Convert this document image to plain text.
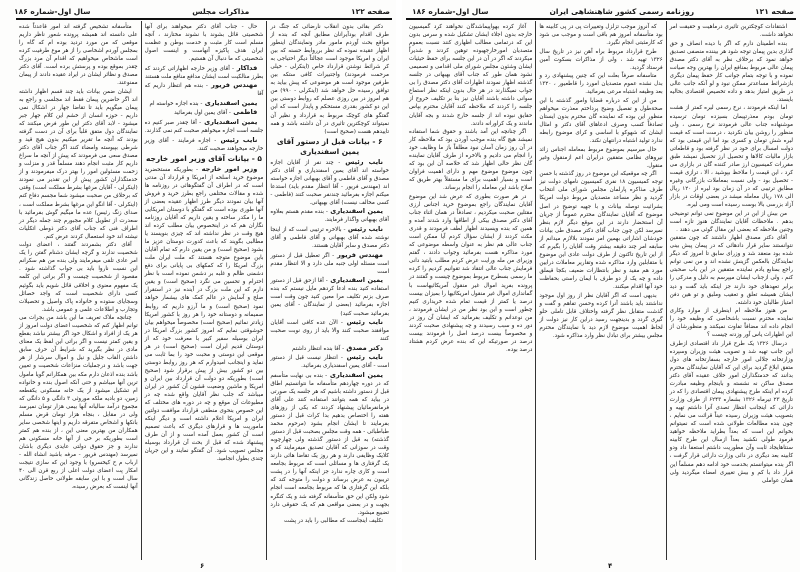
صفحه ۱۲۲
مذاکرات مجلس
سال اول-شماره ۱۸۶

دکتر بقائی بدون انقلاب نارضائی که جنگ در طرف اقدام بودآیرانان مطابق آنچه که بنده از مواقع بحث آوردم مامور مادر ونمایندگان اینطور اظهار عقیده نموده که نظر برروابط حسنه که بین ایران و امریکا موجود است عجالتاً دیگر احتیاجی به کر شرائط نوشتن قرارداد خاص (اینکرلی - خیلی مرحمت فرمودند) واجتبیرات کافی ستکه بین طرفین موجود است هر موضوعی که پیش بیاید به توافق رسیده حل خواهد شد (اینکرلی - ۹۹۰) من هم امروز در بین روزی عصلم که روابط دوستی بین این دو کشور بقدری مستحکم و پایدار است که این گفتگو های کوچک مربوط به قرارداد و نظیر آن نمیتواند کوچکترین تاثیری در آن داشته باشد و همه تاییدهم هست (صحیح است)

۶ - بیانات قبل از دستور آقای یمین اسفندیاری

نایب رئیس - چند نفر از آقایان اجازه خواسته اند آقای یمین اسفندیاری و آقای دکتر مصدق و آقای فاطمی و آقای بهبهانی اجازه خواسته اند (مهندس فریور - آقا انتظار مقدم باید) استدعا میکنم اجازه بفرمائید چندنفر صحبت کنند (فاطمی - کسی مخالف نیست) آقای بهبهانی.

یمین اسفندیاری - بنده مقدم هستم بعلاوه آقای بهبهانی واگذار فرمایند.

نایب رئیس - بالاخره ترتیبی است که از اینجا نوشته شده آقای بهبهانی و آقای فاطمی و آقای دکتر مصدق و سایر آقایان هستند.

مهندس فریور - اگر تعطیل قبل از دستور است مسئله اولی جنبه ملی دارد و الا انتظار مقدم است

یمین اسفندیاری - آقا ازحق قبل از دستور استفاده کنید بنده ادعا کردهم مایل نیستم که بنده صرف بزنم تکلیف مرا معین کنید چون وقت است اجازه بفرمائید (بعضی از نمایندگان - آقای یمین بفرمائید صحبت کنید)

نایب رئیس - الآن عده کافی است آقایان موافقند صحبت کنند والا باید از روی نوبت صحبت کنند

دکتر مصدق - آقا بنده انتظار داشتم

نایب رئیس - انتظار نیست قبل از دستور است - آقای یمین اسفندیاری بفرمائید.

یمین اسفندیاری - بنده بی نهایت متأسفم که در دوره چهاردهم متأسفانه ما نتوانستیم اطاق قبل از دستور داشته باشیم که هر جلسه یک صورتی در بیاید که همه بتوانند استفاده کنند علی آقای فرمانفرمائیان پیشنهاد کردند که یکی از روزهای هفته را اختصاص بدهیم بدا کرات قبل از دستور بفرمایند تا ایشان انجام بشود (مرحوم محمد طباطبائی - همه وقت مجلس بصحبت قبل از دستور گذشته) به قبل از دستور گذشته ولی چهارچوبه وقت در سوزانی که آقایان تصدیق میفرمایند که و کلایک وظایفی دارند و هر روز یک تقاضا هائی دارند یک گرفتاری ها و مسائلی است که مربوط بجامعه است و کاری چاره ندارد جز اینکه آنها را در پشت تریبون به عرض برساند و دولت را متوجه کند که بلکه این گرفتاری ها که مربوط بجامعه است انجام شود ولکن این حق متأسفانه گرفته شد و یک کنگره بجهت و در بعضی مواقعی هم که یک حقوقی دارد تضییع میشود.

تکلیف اینجاست که مطالبی را باید در پشت

حال - جناب آقای دکتر میخواهند برای آنها شخصیتی قائل بشوند با نشوند مختارند ، آنچه مسلم است کار مثبت و خدمت بوطن و عظمت ایران هدف پاکیزه آنهاست و اینست اصول شخصیتی که ما دنبال آن هستیم.

فداکار - آقای وزیر خارجه اظهاراتی کردند که بطرز منالکیت است ایشان مدافع منافع ملت هستند

مهندس فریور - بنده هم انتظار داریم که آقا

یمین اسفندیاری - بنده اجازه خواسته ام

فاطمی - آقای یمین اول بفرمائید

یمین اسفندیاری - آقا چقدر صبر کنیم ده جلسه است اجازه میخواهم صحبت کنم نمی گذارند.

نایب رئیس - اجازه فرمایند - آقای وزیر خارجه میخواهند صحبت کنند.

۵ - بیانات آقای وزیر امور خارجه

وزیر امور خارجه - بطوریکه مستحضرید موضوع خرید اسلحه از امریکا و قرارداد آن مدتی است که در اطراف آن گفتگوهائی در روزنامه ها شده و مقالات مختلفی راجع بطرز خرید و فروش آنها بیان نمودند دیگر طرز اظهار عقیده بعضی از آنها طوری بوده است که گفتگو با دوستان امریکایی ما را مکدر ساخته و یقین داریم که آقایان روزنامه نگاران هم که در اینخصوص بیان مطلب کرده اند هیچ وقت در نظر نداشته اند که چیزی بنویسند یا مطالبی بگویند که باعث کدورت دوستان عزیز ما بشود (صحیح است) و من یقین دارم که تمام آقایان باین موضوع متوجه هستند که ملت ایران ملت بزرگ امریکا را که کمکهای بی پایانی برای دفع دشمنی ظالم و غلبه بر دشمن نموده است با نظر احترام و تحسین می نگرد (صحیح است) و یقین دارم که این ملت بزرگ در آینده نیز در استقرار صلح و آسایش در عالم کمک های بیشمار خواهد نمود (صحیح است) و ما آرزو داریم که روابط صمیمانه و دوستانه خود را هر روز با کشور امریکا زیادتر نمائیم (صحیح است) مخصوصاً میخواهم بیان خوشوقتی نمایم که امروز کشور بزرگ امریکا در ایران بوسیله سفیر کبیر با معرفت خود که از دوستان قدیم ایران است (صحیح است) در هر موقعی این دوستی و محبت خود را بما ثابت می نماید و اینجانب امیدوارم که هر روز روابط دوستی بین دو کشور بیش از پیش برقرار شود (صحیح است) بطوریکه دو دولت آن قرارداد بین ایران و امریکا و ماشین وضعیت قشون آن کشور در ایران میباشد که جلب نظر آقایان واقع شده چه در مطبوعات آن موقع و چه در دوره های مختلف که این خصوص بنحوی منطقی قرارداد موافقت دولتین ایران و امریکا اعلام داشته است و دیگر اینکه ماموریت ها و قرارهای دیگری که باعث تصمیم است آن کشور بعمل آمده است و از آن طرف پیشنهاد شده که قبل از بحث آن قرارداد بوسیله مجلس تصویب شود. آن گفتگو نمایند و این جریان چندی بطول انجامید.

متأسفانه تشخیص گرفته اند امور قاعدتاً شده علی دانسته اند همیشه پرونده شعور ناظر داریم موقعی که من مورد تردید بوده ام که گاه را بمجلس آوردم اشخاصی را از هر موع طرفیت کرده است ماشخاص میخواهیم که اقدام آن مرد بزرگ چقدر بموقع بوده و پرستش برده است. آقای دکتر مصدق و نظائر ایشان در ایراد عقیده دادند از پیمان ممنوعند.

ایشان ضمن بیانات باید چند قسم اظهار داشته اند اگر حاضرین پیمان فقط اند مجلسی و راجع به پیمان میگویم باید تا تقاضا جهار در اشکال نمی داریم - حوزه انسان از خشم این کلام جهار جبر میشود - لابد آقای دکتر این طور فرض میکنند که نمایندگان دول متفق قلباً برای آن در دست گرفته بودند که آنچه ما تقریر میکنیم بدون هیچ قید و شرطی بپیوسته وامضاء کنند اگر جناب آقای دکتر مصدق سعی می فرمودند که پیش از آنچه ما سراغ داریم کار مثبت انجام دهند مسلماً قدر و منزلت و زحمت مسئولین امور را بهتر درک میفرمودند و از خدمتگذاران کشور پیش از این تقدیر می نمودند (اینکرلی - آقایان مرغها بشرط مملکت است) وقتی که برخلاف من صحبت میشود شما مجسم دفاع کنم (اینکرلی - آقا انگو این مرغها بشرط مملکت است ، صدای زنگ رئیس) عده ما میگیم گوش بفرمائید با سعدرت از تطویل کلام مجبورم چند جمله دیگر در اطراف فنی که جناب آقای دکتر ذوطی اتکلیات نیشته اند خود استعمال کردند عرض کنم.

آقای دکتر بشمردند گفتند ، اعضای دولت شخصیت ندارند و گرچه ایشان دشنام گفتن را یک امر عادی تلقی میفرمایند ولی بنده من هم سکرانم این نسبت ناروا باید بی جواب گذاشته شود . مقصود از شخصیت چیست و اگر براتی این کلمه یک مفهوم معنوی و اخلاقی قائل شویم باید بگوئیم کسی دارای شخصیت است که واجد خصائل وسجایای ستوده و خانواده پاک واصیل و تحصیلات وتجارب و اطلاعات علمی و عمومی باشد.

چنانچه ملاک تعریف ما این باشد من بجرات می توانم اظهار کنم که شخصیت اعضای دولت امروز از هر یک از افراد و اشکال خود اگر بیشتر نباشد بقطع و یقین کمتر نیست و اگر براتی این لفظ یک معنای مادی در نظر بگیرید که شرایط آن حرف سابق داشتن القاب جلیل و نیل و اموال سرشار از هر جهت باشد و درجملیات منزاعات شخصیت و تعیین باشد بنده اذعان دارم مکه بین همکارانم گویا مامول ترین آنها میباشم و حتی آنکه اصول بنده و خانواده ام تشکیل میشود از یک خانه مسکونی یکقطعه زمین، دو بادیه ملکه موروثی ۳ دانگی و ۵ دانگی که مجموع درآمد سالیانه آنها بیمی هزار تومان نمیرسد ولی در مقابل ، بنجاه هزار تومان قرض مسلم بانکها و اشخاص متفرقه داریم و اینها شخصی سایر همکاران من بهترین معنی این ، از بنده هم کمتر است بطوریکه بر خی از آنها خانه مسکونی هم ندارند و جز حقوق دولتی عایدی دیگری باشان نمیرسد (مهندس فریور - مرفه باشید انشاء الله - ارباب م ح کیخسرو) با وجود این که سازی نتیجت امکار پت اعضای دولت اعلی از ربع قرن الی ۴۰ سال است و با این سابقه طولانی حاصل زندگانی آنها اینست که بعرض رسیده.

۶
صفحه ۱۲۱
روزنامه رسمی کشور شاهنشاهی ایران
سال اول-شماره ۱۸۶

اشتقادات کوچکترین تاثیری درماهیت و حقیقت امر نخواهد داشت.

بنده اطمینان دارم که اگر با دیده انصاف و حق گذاری بدین پیمان توجه شود هر بیننده منصفی تصدیق خواهد نمود که برخلاف نظر به آقای دکتر مصدق پیمان عالی مربوط بمنافع ایران را بهترین وجه صیانت نموده و با توجه بتمام جوانب کار حفظ پیمان دیگری بازشرائط مساعدتر ممکن نبود و لو آنکه جانب عالی در طریق امتیاز بدهد و داده تخصیص اقتصادی بحالیه بایستد.

اما اینکه فرمودند ، نرخ رسمی لیره کمتر از هشت تومان بودم معذرتپیمان بسیزده تومان ترسیده موشنهاده جناب عالی فرمودند نرخ رسمی ، ولی منظور را روشن بیان نکردید ، درست است که قیمت لیره شش تومان و کسری بود اما این قیمتی بود که دولت امسال برای خود در نظر گرفته بود و قاطعاتی بازار مالیات کالاها و تحصیل ارز تحصیل نمیشد طبق مقررات کمیسیون ارز صادر کننده گان در بازاری می کرد ، این قیمت را ملاحظ بپوشید ، الا ، ترازی قیمت - تحصیل بود - ولی نسبت بمعاملات بازرگانی وغیره مطابق ترتیبی که در آن زمان بود لیره از ۱۲۰ ریال الی ۱۷۸ ریال معامله میشد در بعضی اوقات در بازار آزاد بزرسی بالا بوست رسیده است ومی لیره.

من بیش از این در این موضوع نمی توانم توضیحی بدهم . ملاحظات آقایان نمایندگان هنوز تازه است وچنین ملاحظه که بعضی این مقال گوئی می دهند .

آقای دکتر مصدق اظهار داشتند که چون متفقین نتوانستند سایر قرار دادهائی که در پیمان پیش بینی شده بود منعقد شد و وزرای سابق تا امروز که دیگر نمایندگان بالعکس گزینش نشده اند و من نمی توانم راجع بمنابع یادم نماینده متفقین در این باب صحبتی کنم ، ولی ازجناب ایشان میپرسم به دلیل و مدرکی را برابر تعهدهای خود دارند جز اینکه باید گفت و دید ایشان همیشه تعلق و تعقیب وملیق و تو هین دفن امتیاز طالبان خود داشته.

من هنوز ملاحظه ام اینطرف از موارد وکاری نماینده محترم نسبت باشخاصی که وظیفه خود را انجام داده اند مضافاً تفاوت نمیکنند و منظورشان از این اظهارات یاس آور وزدنه چیست ؟

درسال ۱۳۲۶ یک طرح قرار داد اقتصادی ازطرف این جانب تهیه شد و تصویب هیئت وزیران وسپرده وزارتخانه جلالی امور خارجه بسفارتخانه های دول متفق ابلاغ گردید برای این که آقایان نمایندگان محترم بدانند که خدمتگذاران امور خلاف عقیده آقای دکتر مصدق ساکن نه نشسته و باینجام وظیفه مبادرت کرده ام اینکه طرح پیشنهادی پیمان اقتصادی را که در تاریخ ۲۳ تیرماه ۱۳۲۶ بشماره ۶۲۴۳ از طرف وزارت دارائی که اینجانب انتظار تصدی آنرا داشتم تهیه و بتصویب هیئت وزیران رسیده عیناً قرائت می نمایم ، چون بنده مطالعات طولانی شده است که نمیتوانم بخوانم این است که بعداً بطراید ملاحظه خواهید فرمود طولی نکشید بعداً ازسال این طرح کابینه سنتاهایجاد ثابت وآن مطوریت داشتم استعفا داد ودو کابینه بعد دیگری در دائی وزارت دارائی قرار گرفت ، اگر بنده میتوانستم بخدمت خود ادامه دهم مسلماً این قرار داد با کم و بیش تغییری امضاء میگردید ولی همان عواملی

که آنروز موجب تزلزل وتغییرات پی در پی کابینه ها بود متأسفانه امروز هم باقی است و موجب می شود که کارمثبتی انجام نگیرد.

طرح قرارداد مربوط براه آهن نیز در تاریخ سال ۱۳۲۶ تهیه شد ، ولی از مذاکرات بسکوت آمین فرستاد گردید.

متاسفانه صرفاً بعلت این که چنین پیشنهادی رد و بدل نشده عموم متصدیان امورد را قاطعیور ، ۱۳۲۰ بعد وظیفه اشتباه مرعی بفرمائید.

من از این که درباره قضایا وامور گذشته با این صحةطول و تفصیل وضیح پرداختم معذرت میخواهم منظور این بوده که نماینده گان محترم بدون ایستان تصادفاً کسب وصرف ادعاهای آقای دکتر و امثال ایشان که شهوکو با اساسی و کرای موضوع رابطه ندارد تولید اشتباه درانتهان نکند.

حال میرسیم بموضوع مربوط بمعامله اجناس زائد نیروهای نظامی متفقین درایران اعم ازمنقول وغیر منقول.

اگر چه موقعیکه این موضوع در روز گذشته با حسن توجه کمیسیون ۱۸ نفری کمیسیون نامهای دولت نیز طرف مذاکره پارلمان مجلس شورای ملی انتخاب گردید و نظر مساعد متصدیان مربوط دولت امریکا بشرائیت توصله بیانات و با جهیه توضیح در اصل موضوع که آقایان نمایندگان محترم عموماً از جریان آن استحضار دارند در این موقع دیگر لازم بنظر نمیرسد لکن چون جناب آقای دکتر مصدق طی بیانات خودشان اشاراتی بهمین امر نمودند بلالازم میدانم از سابقه امر چند دقیقه بیشتر وقت آقایان را بگیرم که از این تاریخ تاکنون از طرف دولت عادی این موضوع با متقابلین وارد مذاکره شده وتقارير معاملات درایین مورد هم مقید و نظر بانتظارات ضعیف بکجا قیملق داده و چه یک از دو طرف با ایمان راستی بحفاظت خود آنها اقدام میکنند.

بدیهی است که اگر آقایان نظر از روز اول موجود نداشتند باید باشند آنرا کرده وحسن تفاهم و گفت و گذشت متقابل نظر گرفته واختلاف قابل تاملی حلو گیری گردد و بدینجهت رسید دراین کار نیز دولت از لحاظ اهمیت موضوع لازم دید با نمایندگان محترم مجلس بیشتر برای تبادل نظر وارد مذاکره شود.

آغاز کرده بهواپیماشدگان نخواهند کرد گمیسیون خارجه بدون اجلاء ایشان تشکیل شده و سرس بدون این که درتمامی مطالب اظهاری کنند نسبت بعموم متصدیان امورخارجهبوده توهین کردند و شدیراً میکردند که اگر در آن در این جلسه برای حفظ حیثیات ایشان وشئون مجلس شورای ملی اقدامی و تصمیمی نشود همان طور که جناب آقای بهبهانی در جلسه گذشته اظهار نمودند اظهارات آقای دکتر مصدق را بی جواب نمیگذارند در هر حال بدون اینکه نظر استماع سوانی داشته باشند آقایان نیز بنا بر تکلیف خروج از جلسه را کردند که ملاحظه کنند آقایان محترم بپاس حقایق نبوده اند از جلسه خارج شدند و بجه آقایان ماندند و یک کراورانه دادند.

اگر چنانچه این آمد باشند و حقوق شما استفاده نمیشد هیچ گاه بنده موجب آوردن بود که ملاحظه کار در آن روز زمان آسان نبود مطلقاً باز ما وظایف خود را انجام می دادیم و بالاخره از طرف آقایان نماینده گان نظر حالی اظهار شد که خلاصه آن این بود که چون موضوع موضوع مهم و دارای اهمیت فراوان است و بسیار اهمیت برای ما مستقلاً بهتر طریق که صلاح باشد این معامله را انجام برساند.

در هر صورت بطوری که عرض شد این موضوع آقایان نمایندگان راجع بموضوع خرید اجناس ارزی مقتلین صحبت میکردیم ، تصادفاً در همان اثناء جناب آقای دکتر مصدق بیکی از اطاقها وارد شدند آمده و همین که بنده ویسیدند اظهار لطف فرمودند و قدری مکث کردند از ایشان سؤال کردم آیا ممکن است جناب عالی هم نظر به عنوان واسطه موضوعی که مورد مذاکره هست بفرمائید وجواب دادند ، گفتم وزیرای من مله ورایت عرض کردم مطلب بابتید دانی فرمایش جناب عالی انتقاد شد تقوانیم کردیم را کرده ما رسمی بسطرح مربوط بموضوع چیست و گفتند در پرونده بفرید اموال غیر منقول آمریکائیهاست با گمانداری اموال غیر منقول امریکائیها را بمیزان بیست درصد یا کمتر از قیمت تمام شده خریداری کنیم چطور است و این بود نظر من در ایشان فرمودند ، من نوعدانم و تکلیف بفرمائید که ایشان آن روز در دور ده و سبب رسیدند و چه پیشنهادی صحبت کردند و مخصوصاً بیست درصد اصل را فرمودند بیست درصد در صورتیکه این که بنده عرض کردم هشتاد درصد بوده.

۴
